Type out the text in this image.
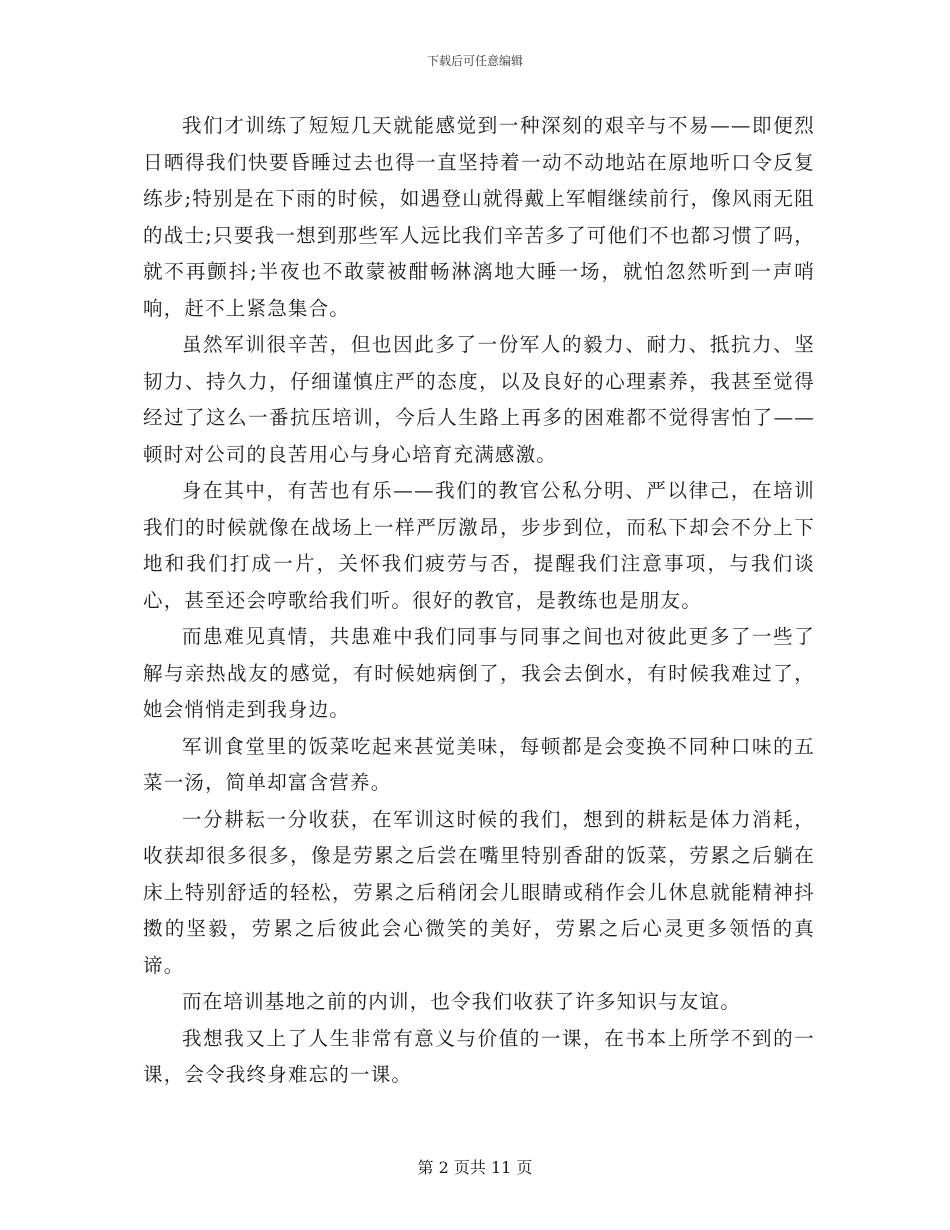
下载后可任意编辑

我们才训练了短短几天就能感觉到一种深刻的艰辛与不易——即便烈日晒得我们快要昏睡过去也得一直坚持着一动不动地站在原地听口令反复练步;特别是在下雨的时候，如遇登山就得戴上军帽继续前行，像风雨无阻的战士;只要我一想到那些军人远比我们辛苦多了可他们不也都习惯了吗，就不再颤抖;半夜也不敢蒙被酣畅淋漓地大睡一场，就怕忽然听到一声哨响，赶不上紧急集合。

虽然军训很辛苦，但也因此多了一份军人的毅力、耐力、抵抗力、坚韧力、持久力，仔细谨慎庄严的态度，以及良好的心理素养，我甚至觉得经过了这么一番抗压培训，今后人生路上再多的困难都不觉得害怕了——顿时对公司的良苦用心与身心培育充满感激。

身在其中，有苦也有乐——我们的教官公私分明、严以律己，在培训我们的时候就像在战场上一样严厉激昂，步步到位，而私下却会不分上下地和我们打成一片，关怀我们疲劳与否，提醒我们注意事项，与我们谈心，甚至还会哼歌给我们听。很好的教官，是教练也是朋友。

而患难见真情，共患难中我们同事与同事之间也对彼此更多了一些了解与亲热战友的感觉，有时候她病倒了，我会去倒水，有时候我难过了，她会悄悄走到我身边。

军训食堂里的饭菜吃起来甚觉美味，每顿都是会变换不同种口味的五菜一汤，简单却富含营养。

一分耕耘一分收获，在军训这时候的我们，想到的耕耘是体力消耗，收获却很多很多，像是劳累之后尝在嘴里特别香甜的饭菜，劳累之后躺在床上特别舒适的轻松，劳累之后稍闭会儿眼睛或稍作会儿休息就能精神抖擞的坚毅，劳累之后彼此会心微笑的美好，劳累之后心灵更多领悟的真谛。

而在培训基地之前的内训，也令我们收获了许多知识与友谊。

我想我又上了人生非常有意义与价值的一课，在书本上所学不到的一课，会令我终身难忘的一课。

第 2 页共 11 页
